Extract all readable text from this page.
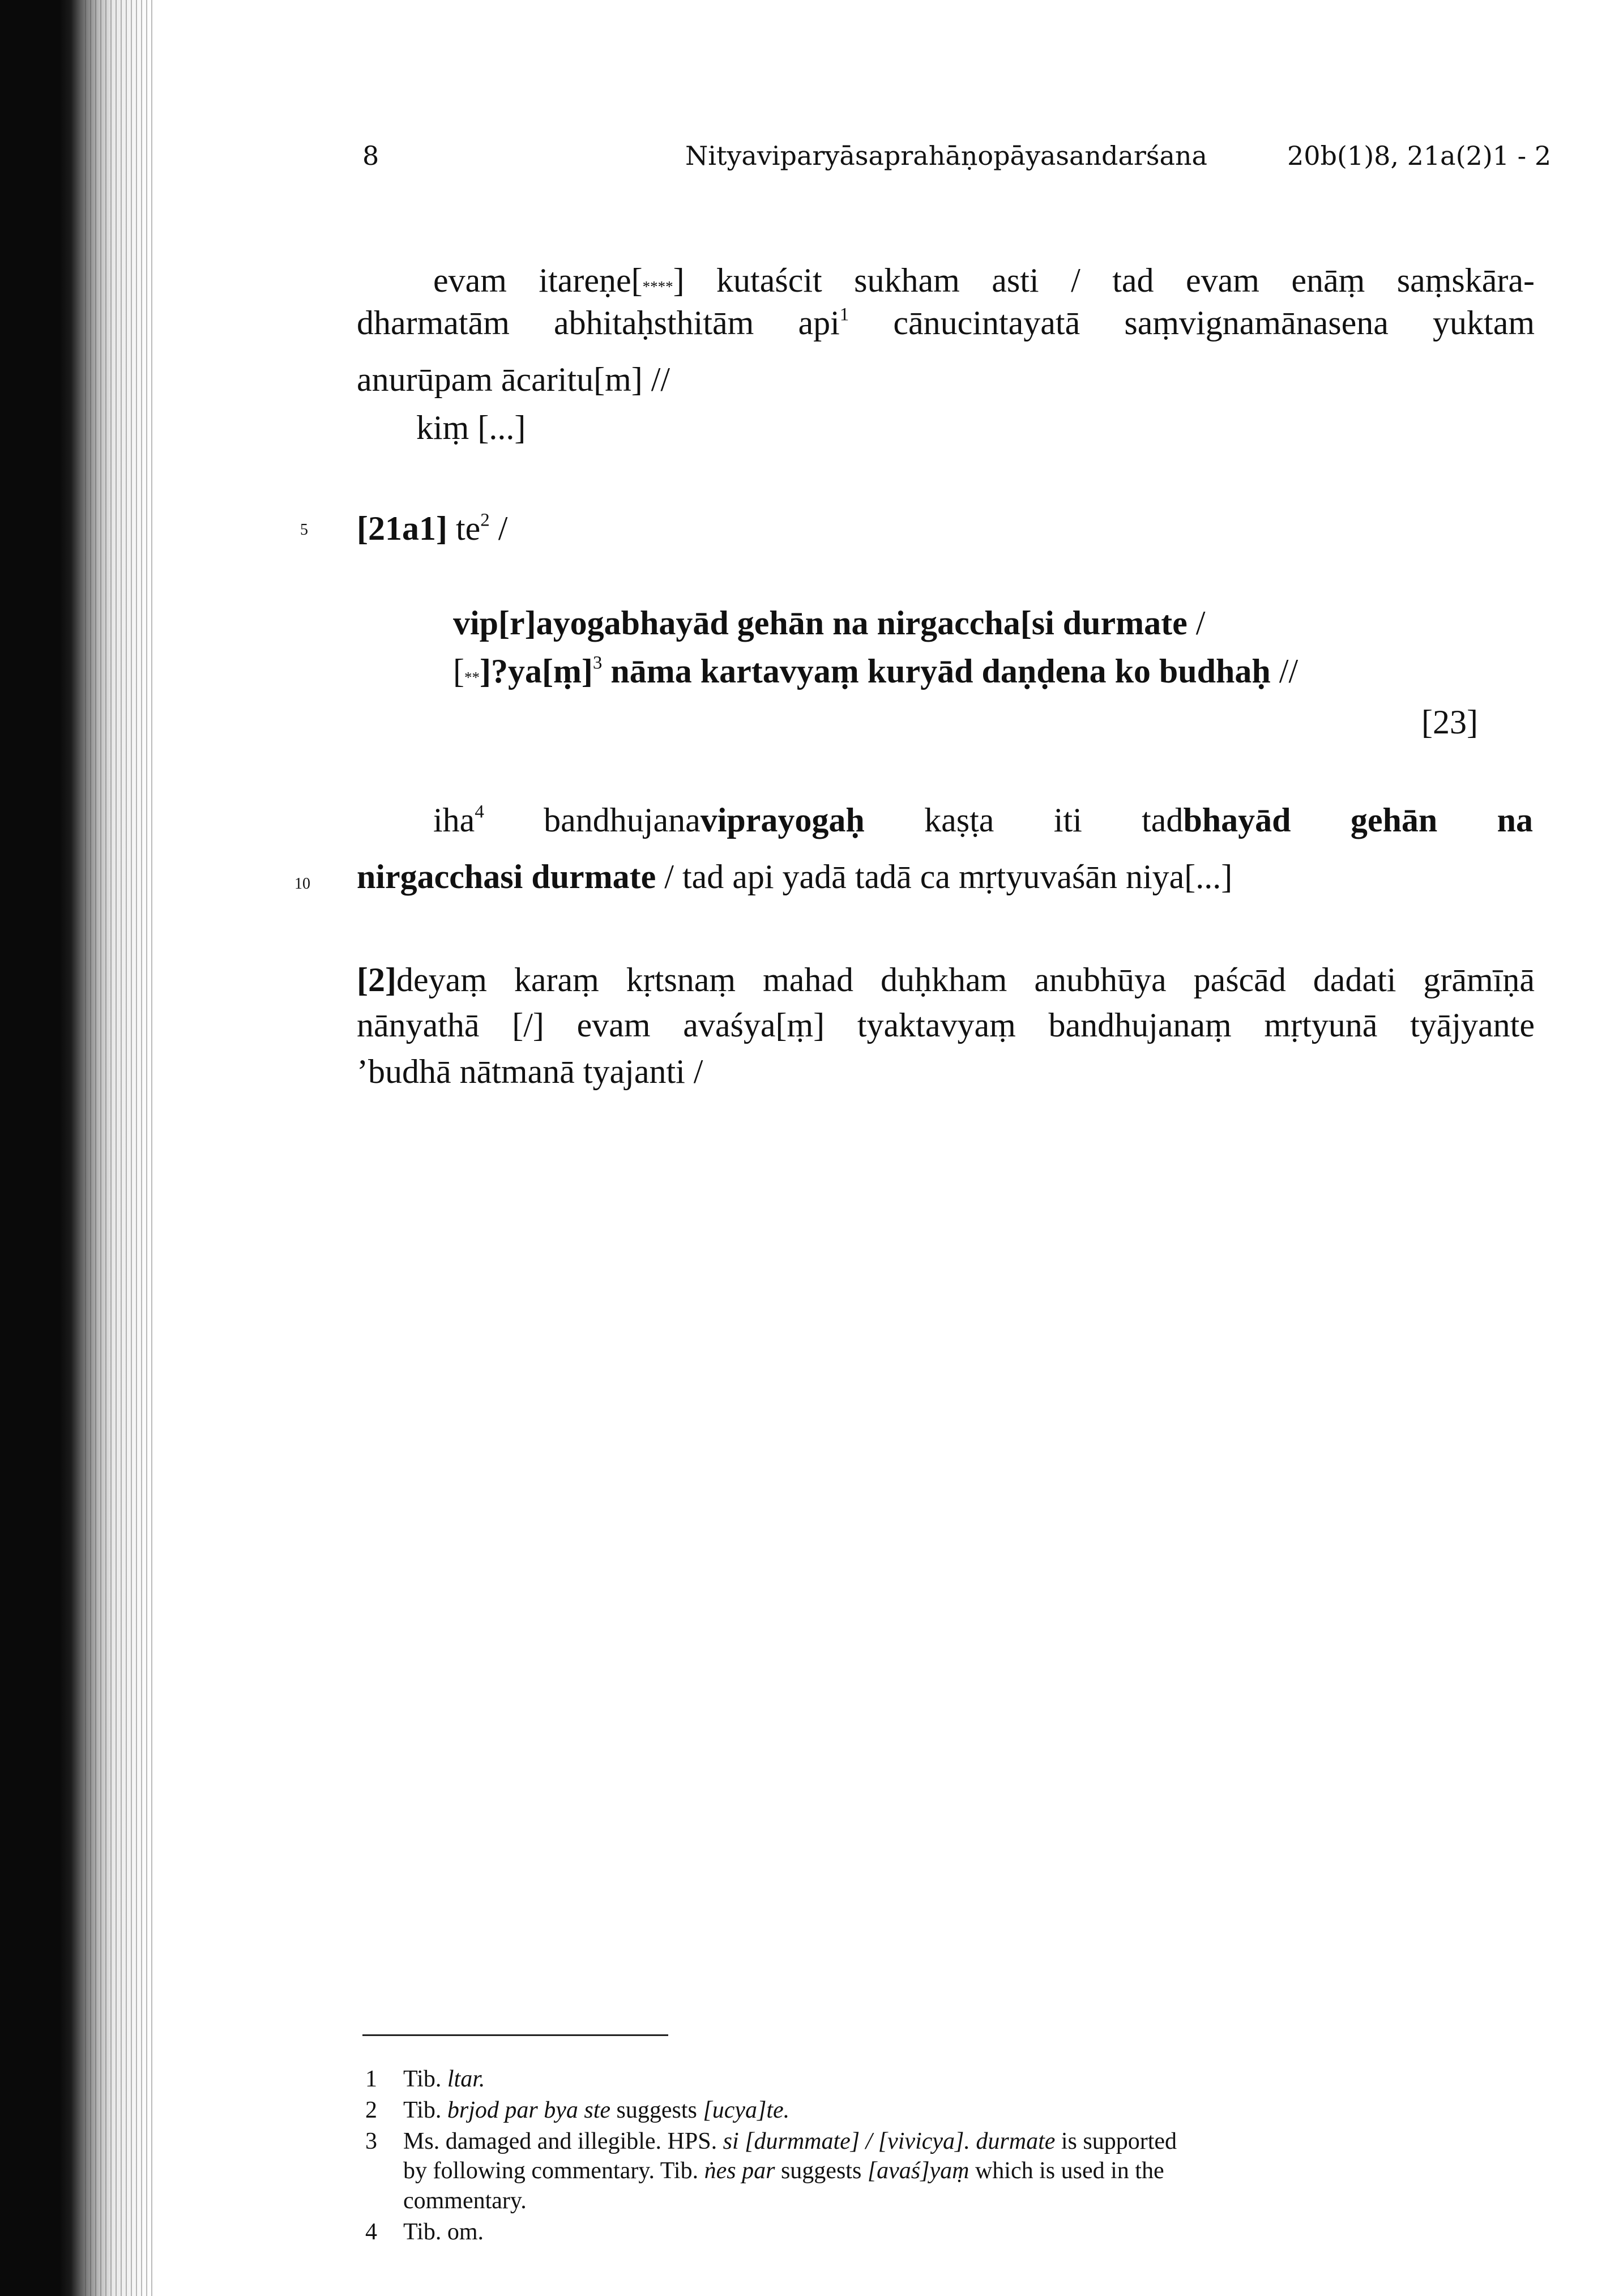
8	Nityaviparyāsaprahāṇopāyasandarśana	20b(1)8, 21a(2)1 - 2
evam itareṇe[****] kutaścit sukham asti / tad evam enāṃ saṃskāra-
dharmatām abhitaḥsthitām api$^1$ cānucintayatā saṃvignamānasena yuktam
anurūpam ācaritu[m] //
kiṃ [...]
5 [21a1] $te^2$ /
vip[r]ayogabhayād gehān na nirgaccha[si durmate /
[**]?ya[ṃ]$^3$ nāma kartavyaṃ kuryād daṇḍena ko budhaḥ //
[23]
iha$^4$ bandhujanaviprayogaḥ kaṣṭa iti tadbhayād gehān na
10 nirgacchasi durmate / tad api yadā tadā ca mṛtyuvaśān niya[...]
[2]deyaṃ karaṃ kṛtsnaṃ mahad duḥkham anubhūya paścād dadati grāmīṇā
nānyathā [/] evam avaśya[ṃ] tyaktavyaṃ bandhujanaṃ mṛtyunā tyājyante
’budhā nātmanā tyajanti /
1 Tib. ltar.
2 Tib. brjod par bya ste suggests [ucya]te.
3 Ms. damaged and illegible. HPS. si [durmmate] / [vivicya]. durmate is supported
by following commentary. Tib. ṅes par suggests [avaś]yaṃ which is used in the
commentary.
4 Tib. om.
